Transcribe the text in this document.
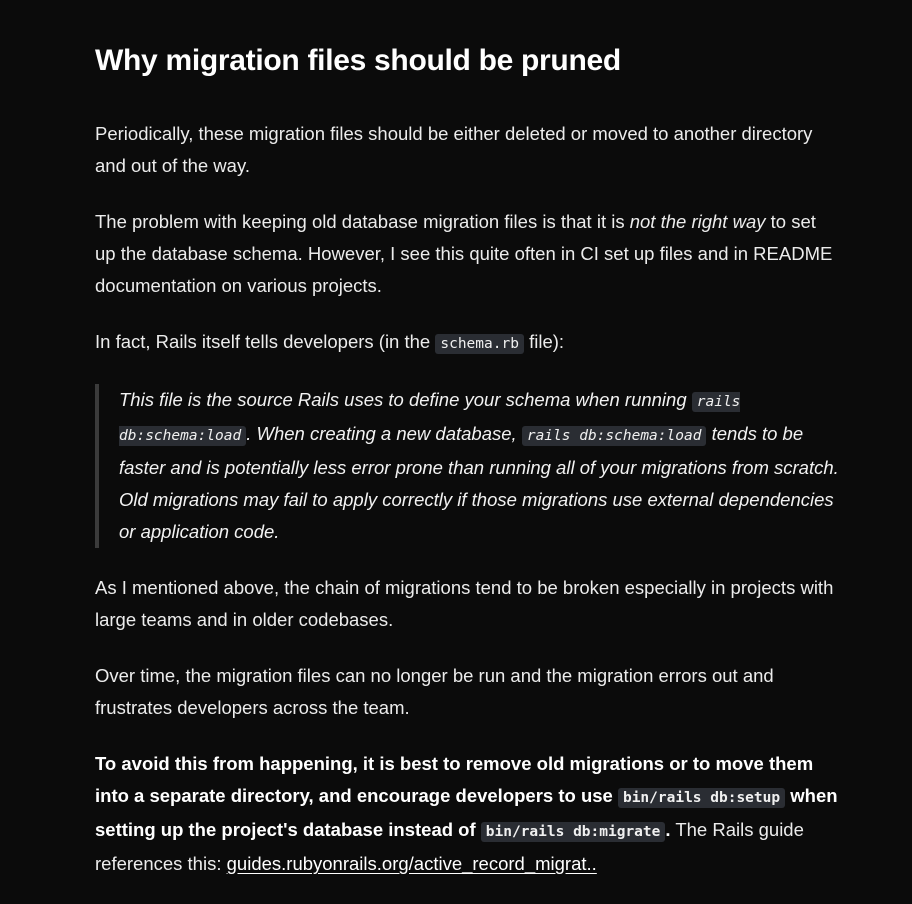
Why migration files should be pruned

Periodically, these migration files should be either deleted or moved to another directory and out of the way.

The problem with keeping old database migration files is that it is not the right way to set up the database schema. However, I see this quite often in CI set up files and in README documentation on various projects.

In fact, Rails itself tells developers (in the schema.rb file):

This file is the source Rails uses to define your schema when running rails db:schema:load . When creating a new database, rails db:schema:load tends to be faster and is potentially less error prone than running all of your migrations from scratch. Old migrations may fail to apply correctly if those migrations use external dependencies or application code.

As I mentioned above, the chain of migrations tend to be broken especially in projects with large teams and in older codebases.

Over time, the migration files can no longer be run and the migration errors out and frustrates developers across the team.

To avoid this from happening, it is best to remove old migrations or to move them into a separate directory, and encourage developers to use bin/rails db:setup when setting up the project's database instead of bin/rails db:migrate . The Rails guide references this: guides.rubyonrails.org/active_record_migrat..
